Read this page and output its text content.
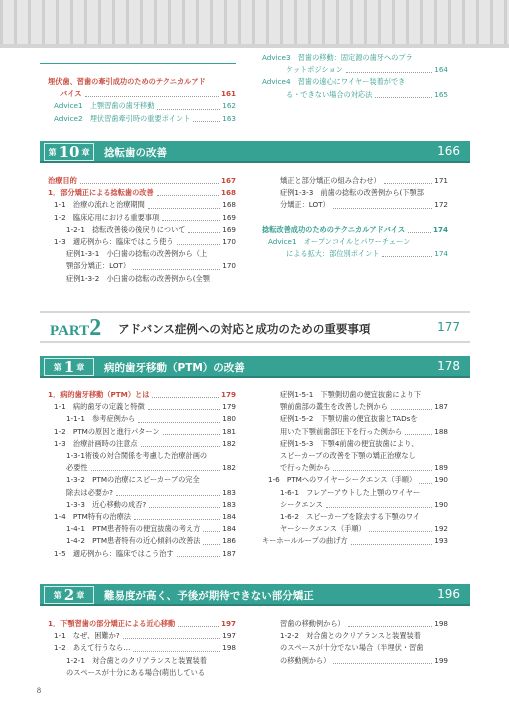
埋伏歯、習歯の牽引成功のためのテクニカルアド
バイス	161
Advice1　上顎習歯の歯牙移動	162
Advice2　埋伏習歯牽引時の重要ポイント	163
Advice3　習歯の移動：固定源の歯牙へのプラ
ケットポジション	164
Advice4　習歯の遠心にワイヤー装着ができ
る・できない場合の対応法	165
第 10 章 捻転歯の改善	166
治療目的	167
1．部分矯正による捻転歯の改善	168
1-1　治療の流れと治療期間	168
1-2　臨床応用における重要事項	169
1-2-1　捻転改善後の後戻りについて	169
1-3　適応例から：臨床ではこう使う	170
症例1-3-1　小臼歯の捻転の改善例から（上
顎部分矯正：LOT）	170
症例1-3-2　小臼歯の捻転の改善例から(全顎
矯正と部分矯正の組み合わせ）	171
症例1-3-3　前歯の捻転の改善例から(下顎部
分矯正：LOT）	172

捻転改善成功のためのテクニカルアドバイス	174
Advice1　オープンコイルとパワーチェーン
による拡大：部位別ポイント	174
PART2 アドバンス症例への対応と成功のための重要事項	177
第 1 章 病的歯牙移動（PTM）の改善	178
1．病的歯牙移動（PTM）とは	179
1-1　病的歯牙の定義と特徴	179
1-1-1　参考症例から	180
1-2　PTMの原因と進行パターン	181
1-3　治療計画時の注意点	182
1-3-1術後の対合関係を考慮した治療計画の
必要性	182
1-3-2　PTMの治療にスピーカーブの完全
除去は必要か?	183
1-3-3　近心移動の成否?	183
1-4　PTM特有の治療法	184
1-4-1　PTM患者特有の便宜抜歯の考え方	184
1-4-2　PTM患者特有の近心傾斜の改善法	186
1-5　適応例から：臨床ではこう治す	187
症例1-5-1　下顎側切歯の便宜抜歯により下
顎前歯部の叢生を改善した例から	187
症例1-5-2　下顎切歯の便宜抜歯とTADsを
用いた下顎前歯部圧下を行った例から	188
症例1-5-3　下顎4前歯の便宜抜歯により、
スピーカーブの改善を下顎の矯正治療なし
で行った例から	189
1-6　PTMへのワイヤーシークエンス（手順）	190
1-6-1　フレアーアウトした上顎のワイヤー
シークエンス	190
1-6-2　スピーカーブを除去する下顎のワイ
ヤーシークエンス（手順）	192
キーホールループの曲げ方	193
第 2 章 難易度が高く、予後が期待できない部分矯正	196
1．下顎習歯の部分矯正による近心移動	197
1-1　なぜ、困難か?	197
1-2　あえて行うなら…	198
1-2-1　対合歯とのクリアランスと装置装着
のスペースが十分にある場合(萌出している
習歯の移動例から）	198
1-2-2　対合歯とのクリアランスと装置装着
のスペースが十分でない場合（半埋伏・習歯
の移動例から）	199
8
